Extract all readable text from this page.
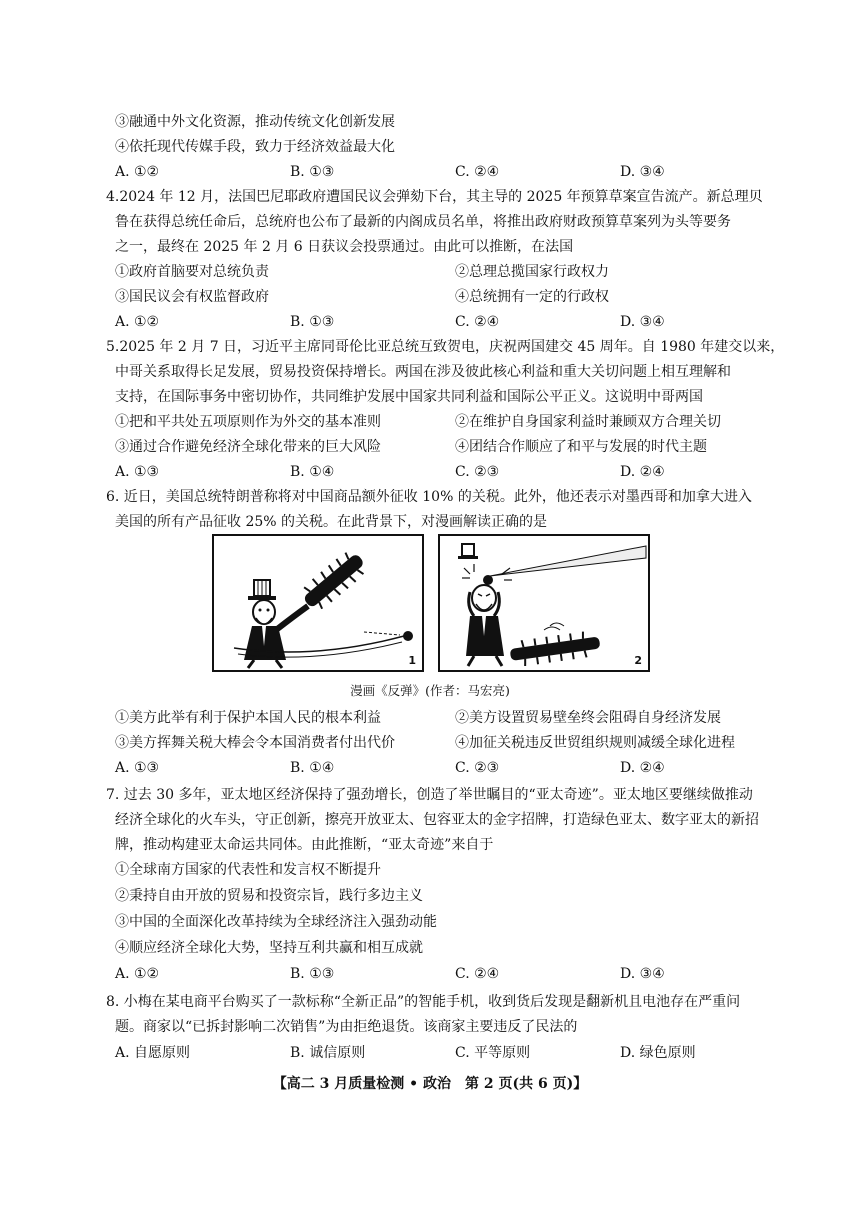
③融通中外文化资源，推动传统文化创新发展
④依托现代传媒手段，致力于经济效益最大化
A. ①②	B. ①③	C. ②④	D. ③④
4.2024 年 12 月，法国巴尼耶政府遭国民议会弹劾下台，其主导的 2025 年预算草案宣告流产。新总理贝
鲁在获得总统任命后，总统府也公布了最新的内阁成员名单，将推出政府财政预算草案列为头等要务
之一，最终在 2025 年 2 月 6 日获议会投票通过。由此可以推断，在法国
①政府首脑要对总统负责	②总理总揽国家行政权力
③国民议会有权监督政府	④总统拥有一定的行政权
A. ①②	B. ①③	C. ②④	D. ③④
5.2025 年 2 月 7 日，习近平主席同哥伦比亚总统互致贺电，庆祝两国建交 45 周年。自 1980 年建交以来，
中哥关系取得长足发展，贸易投资保持增长。两国在涉及彼此核心利益和重大关切问题上相互理解和
支持，在国际事务中密切协作，共同维护发展中国家共同利益和国际公平正义。这说明中哥两国
①把和平共处五项原则作为外交的基本准则	②在维护自身国家利益时兼顾双方合理关切
③通过合作避免经济全球化带来的巨大风险	④团结合作顺应了和平与发展的时代主题
A. ①③	B. ①④	C. ②③	D. ②④
6. 近日，美国总统特朗普称将对中国商品额外征收 10% 的关税。此外，他还表示对墨西哥和加拿大进入
美国的所有产品征收 25% 的关税。在此背景下，对漫画解读正确的是
1	2
漫画《反弹》(作者：马宏亮)
①美方此举有利于保护本国人民的根本利益	②美方设置贸易壁垒终会阻碍自身经济发展
③美方挥舞关税大棒会令本国消费者付出代价	④加征关税违反世贸组织规则减缓全球化进程
A. ①③	B. ①④	C. ②③	D. ②④
7. 过去 30 多年，亚太地区经济保持了强劲增长，创造了举世瞩目的“亚太奇迹”。亚太地区要继续做推动
经济全球化的火车头，守正创新，擦亮开放亚太、包容亚太的金字招牌，打造绿色亚太、数字亚太的新招
牌，推动构建亚太命运共同体。由此推断，“亚太奇迹”来自于
①全球南方国家的代表性和发言权不断提升
②秉持自由开放的贸易和投资宗旨，践行多边主义
③中国的全面深化改革持续为全球经济注入强劲动能
④顺应经济全球化大势，坚持互利共赢和相互成就
A. ①②	B. ①③	C. ②④	D. ③④
8. 小梅在某电商平台购买了一款标称“全新正品”的智能手机，收到货后发现是翻新机且电池存在严重问
题。商家以“已拆封影响二次销售”为由拒绝退货。该商家主要违反了民法的
A. 自愿原则	B. 诚信原则	C. 平等原则	D. 绿色原则
【高二 3 月质量检测 • 政治　第 2 页(共 6 页)】
